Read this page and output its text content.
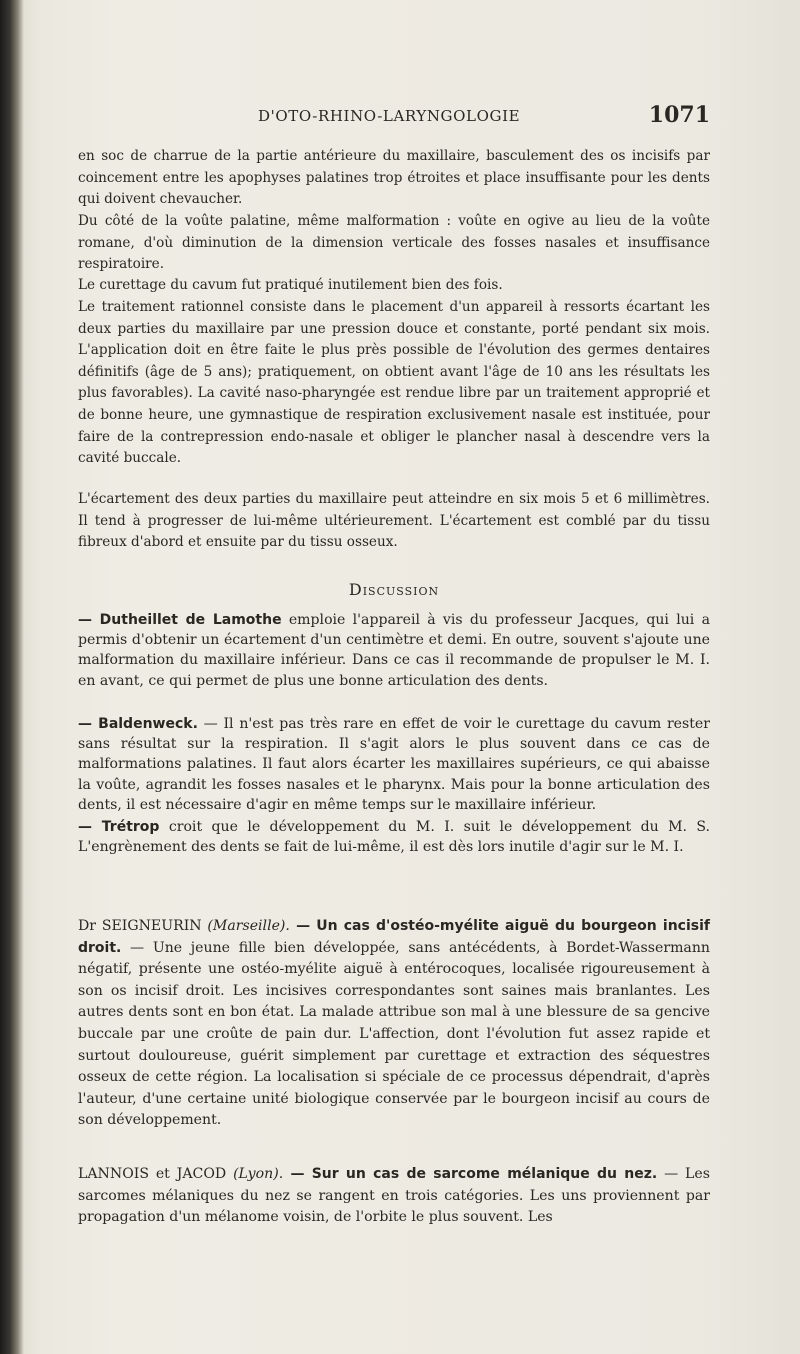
D'OTO-RHINO-LARYNGOLOGIE	1071

en soc de charrue de la partie antérieure du maxillaire, basculement des os incisifs par coincement entre les apophyses palatines trop étroites et place insuffisante pour les dents qui doivent chevaucher.

Du côté de la voûte palatine, même malformation : voûte en ogive au lieu de la voûte romane, d'où diminution de la dimension verticale des fosses nasales et insuffisance respiratoire.

Le curettage du cavum fut pratiqué inutilement bien des fois.

Le traitement rationnel consiste dans le placement d'un appareil à ressorts écartant les deux parties du maxillaire par une pression douce et constante, porté pendant six mois. L'application doit en être faite le plus près possible de l'évolution des germes dentaires définitifs (âge de 5 ans); pratiquement, on obtient avant l'âge de 10 ans les résultats les plus favorables). La cavité naso-pharyngée est rendue libre par un traitement approprié et de bonne heure, une gymnastique de respiration exclusivement nasale est instituée, pour faire de la contrepression endo-nasale et obliger le plancher nasal à descendre vers la cavité buccale.

L'écartement des deux parties du maxillaire peut atteindre en six mois 5 et 6 millimètres. Il tend à progresser de lui-même ultérieurement. L'écartement est comblé par du tissu fibreux d'abord et ensuite par du tissu osseux.

Discussion

— Dutheillet de Lamothe emploie l'appareil à vis du professeur Jacques, qui lui a permis d'obtenir un écartement d'un centimètre et demi. En outre, souvent s'ajoute une malformation du maxillaire inférieur. Dans ce cas il recommande de propulser le M. I. en avant, ce qui permet de plus une bonne articulation des dents.

— Baldenweck. — Il n'est pas très rare en effet de voir le curettage du cavum rester sans résultat sur la respiration. Il s'agit alors le plus souvent dans ce cas de malformations palatines. Il faut alors écarter les maxillaires supérieurs, ce qui abaisse la voûte, agrandit les fosses nasales et le pharynx. Mais pour la bonne articulation des dents, il est nécessaire d'agir en même temps sur le maxillaire inférieur.

— Trétrop croit que le développement du M. I. suit le développement du M. S. L'engrènement des dents se fait de lui-même, il est dès lors inutile d'agir sur le M. I.

Dr SEIGNEURIN (Marseille). — Un cas d'ostéo-myélite aiguë du bourgeon incisif droit. — Une jeune fille bien développée, sans antécédents, à Bordet-Wassermann négatif, présente une ostéo-myélite aiguë à entérocoques, localisée rigoureusement à son os incisif droit. Les incisives correspondantes sont saines mais branlantes. Les autres dents sont en bon état. La malade attribue son mal à une blessure de sa gencive buccale par une croûte de pain dur. L'affection, dont l'évolution fut assez rapide et surtout douloureuse, guérit simplement par curettage et extraction des séquestres osseux de cette région. La localisation si spéciale de ce processus dépendrait, d'après l'auteur, d'une certaine unité biologique conservée par le bourgeon incisif au cours de son développement.

LANNOIS et JACOD (Lyon). — Sur un cas de sarcome mélanique du nez. — Les sarcomes mélaniques du nez se rangent en trois catégories. Les uns proviennent par propagation d'un mélanome voisin, de l'orbite le plus souvent. Les
